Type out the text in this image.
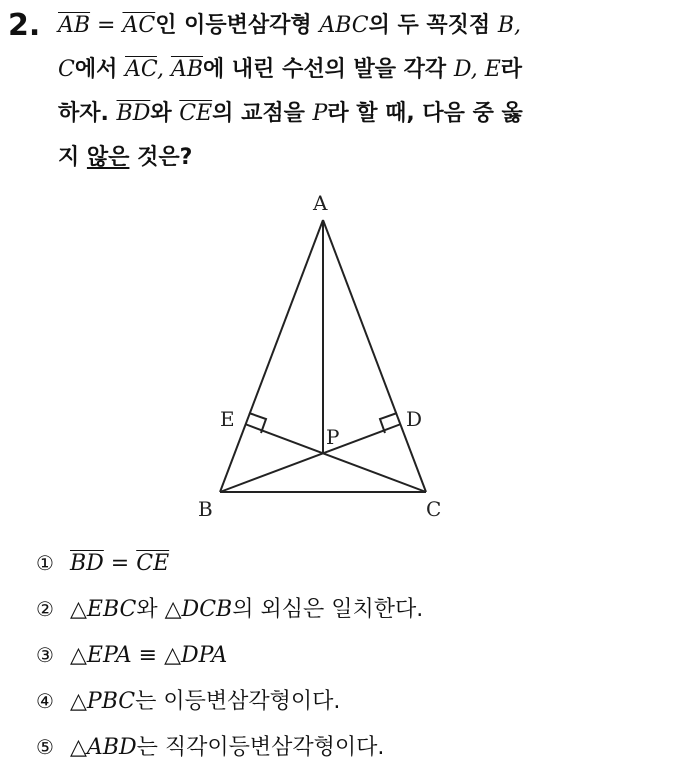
2. $\overline{AB} = \overline{AC}$인 이등변삼각형 ABC의 두 꼭짓점 B,
C에서 $\overline{AC}$, $\overline{AB}$에 내린 수선의 발을 각각 D, E라
하자. $\overline{BD}$와 $\overline{CE}$의 교점을 P라 할 때, 다음 중 옳
지 않은 것은?
A
B	C
D
E
P
① $\overline{BD} = \overline{CE}$
② △EBC와 △DCB의 외심은 일치한다.
③ △EPA ≡ △DPA
④ △PBC는 이등변삼각형이다.
⑤ △ABD는 직각이등변삼각형이다.
